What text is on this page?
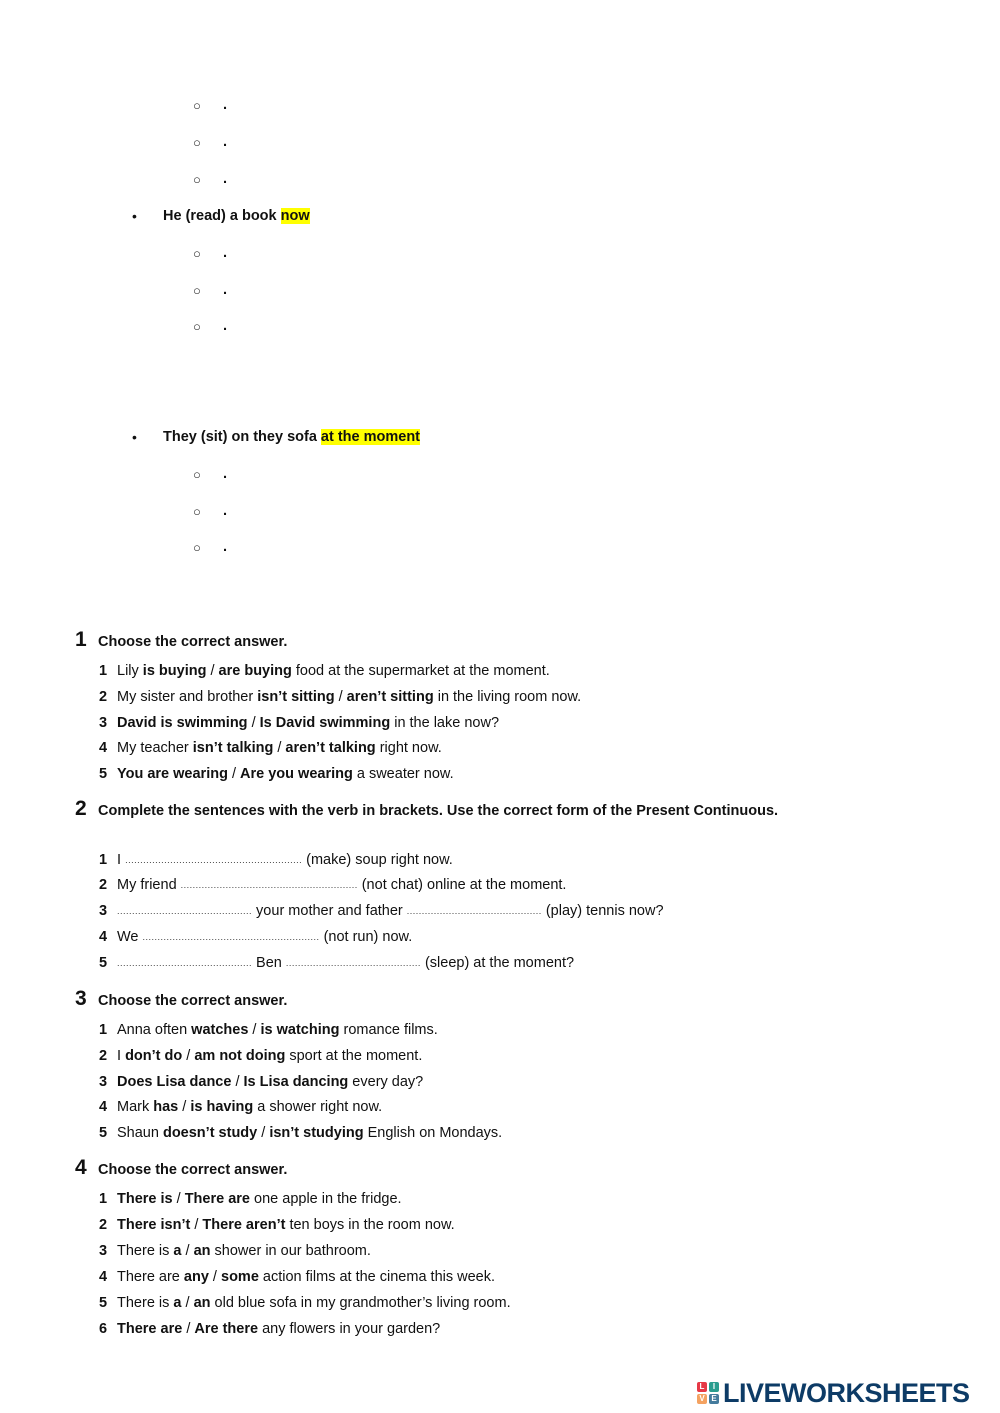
○ .
○ .
○ .
• He (read) a book now
○ .
○ .
○ .
• They (sit) on they sofa at the moment
○ .
○ .
○ .
1 Choose the correct answer.
1 Lily is buying / are buying food at the supermarket at the moment.
2 My sister and brother isn’t sitting / aren’t sitting in the living room now.
3 David is swimming / Is David swimming in the lake now?
4 My teacher isn’t talking / aren’t talking right now.
5 You are wearing / Are you wearing a sweater now.
2 Complete the sentences with the verb in brackets. Use the correct form of the Present Continuous.
1 I ........................................................... (make) soup right now.
2 My friend ........................................................... (not chat) online at the moment.
3 ............................................. your mother and father ............................................. (play) tennis now?
4 We ........................................................... (not run) now.
5 ............................................. Ben ............................................. (sleep) at the moment?
3 Choose the correct answer.
1 Anna often watches / is watching romance films.
2 I don’t do / am not doing sport at the moment.
3 Does Lisa dance / Is Lisa dancing every day?
4 Mark has / is having a shower right now.
5 Shaun doesn’t study / isn’t studying English on Mondays.
4 Choose the correct answer.
1 There is / There are one apple in the fridge.
2 There isn’t / There aren’t ten boys in the room now.
3 There is a / an shower in our bathroom.
4 There are any / some action films at the cinema this week.
5 There is a / an old blue sofa in my grandmother’s living room.
6 There are / Are there any flowers in your garden?
L	I
V E LIVEWORKSHEETS
